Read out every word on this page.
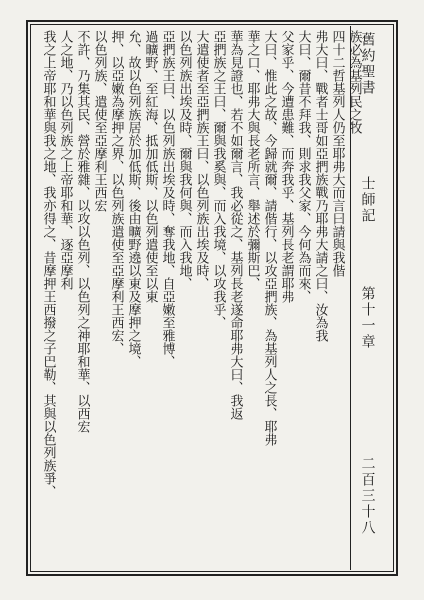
舊約聖書
士師記
第十一章
二百三十八
族必為基列民之牧
四十二哲基列人仍至耶弗大而言曰請與我偕
弗大曰、戰者士哥如亞捫族戰乃耶弗大請之曰、汝為我
大曰、爾昔不拜我、則求我父家、今何為而來、
父家乎、今遭患難、而奔我乎、基列長老謂耶弗
大曰、惟此之故、今歸就爾、請偕行、以攻亞捫族、為基列人之長、耶弗
華之口、耶弗大與長老所言、舉述於彌斯巴、
華為見證也、若不如爾言、我必從之、基列長老遂命耶弗大曰、我返
亞捫族之王曰、爾與我奚與、而入我境、以攻我乎、
大遣使者至亞捫族王曰、以色列族出埃及時、
以色列族出埃及時、爾與我何與、而入我地、
亞捫族王曰、以色列族出埃及時、奪我地、自亞嫩至雅博、
過曠野、至紅海、抵加低斯、以色列遣使至以東
允、故以色列族居於加低斯、後由曠野遶以東及摩押之境、
押、以亞嫩為摩押之界、以色列族遣使至亞摩利王西宏、
以色列族、遣使至亞摩利王西宏
不許、乃集其民、營於雅雜、以攻以色列、以色列之神耶和華、以西宏
人之地、乃以色列族之上帝耶和華、逐亞摩利
我之上帝耶和華與我之地、我亦得之、昔摩押王西撥之子巴勒、其與以色列族爭、
